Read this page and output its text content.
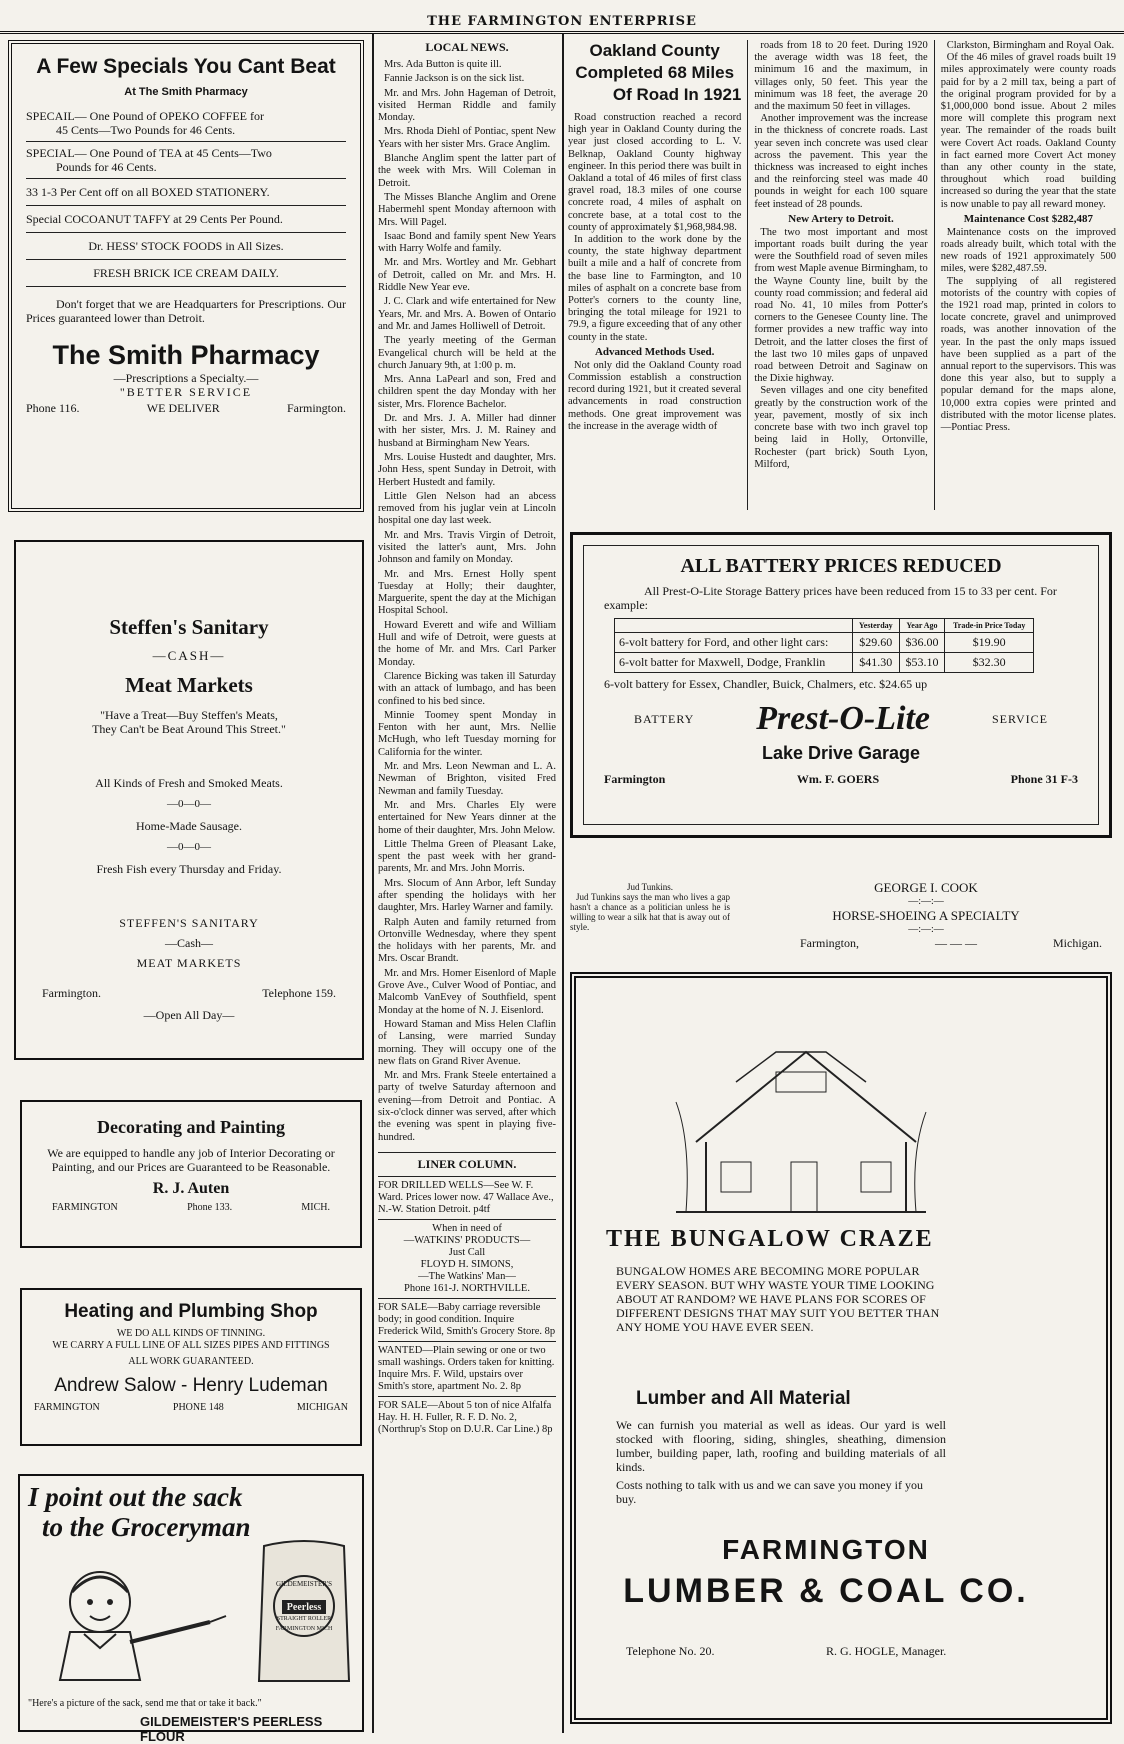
THE FARMINGTON ENTERPRISE
A Few Specials You Cant Beat
At The Smith Pharmacy
SPECAIL— One Pound of OPEKO COFFEE for
45 Cents—Two Pounds for 46 Cents.
SPECIAL— One Pound of TEA at 45 Cents—Two
Pounds for 46 Cents.
33 1-3 Per Cent off on all BOXED STATIONERY.
Special COCOANUT TAFFY at 29 Cents Per Pound.
Dr. HESS' STOCK FOODS in All Sizes.
FRESH BRICK ICE CREAM DAILY.
Don't forget that we are Headquarters for Prescriptions. Our Prices guaranteed lower than Detroit.
The Smith Pharmacy
—Prescriptions a Specialty.—
"BETTER SERVICE
Phone 116.	WE DELIVER	Farmington.
Steffen's Sanitary
—CASH—
Meat Markets
"Have a Treat—Buy Steffen's Meats,
They Can't be Beat Around This Street."
All Kinds of Fresh and Smoked Meats.
—0—0—
Home-Made Sausage.
—0—0—
Fresh Fish every Thursday and Friday.
STEFFEN'S SANITARY
—Cash—
MEAT MARKETS
Farmington.	Telephone 159.
—Open All Day—
Decorating and Painting
We are equipped to handle any job of Interior Decorating or Painting, and our Prices are Guaranteed to be Reasonable.
R. J. Auten
FARMINGTON	Phone 133.	MICH.
Heating and Plumbing Shop
WE DO ALL KINDS OF TINNING.
WE CARRY A FULL LINE OF ALL SIZES PIPES AND FITTINGS
ALL WORK GUARANTEED.
Andrew Salow - Henry Ludeman
FARMINGTON	PHONE 148	MICHIGAN
I point out the sack
to the Groceryman
GILDEMEISTER'S
Peerless
STRAIGHT ROLLER
FARMINGTON MICH
"Here's a picture of the sack, send me that or take it back."
GILDEMEISTER'S PEERLESS FLOUR
LOCAL NEWS.

Mrs. Ada Button is quite ill.

Fannie Jackson is on the sick list.

Mr. and Mrs. John Hageman of Detroit, visited Herman Riddle and family Monday.

Mrs. Rhoda Diehl of Pontiac, spent New Years with her sister Mrs. Grace Anglim.

Blanche Anglim spent the latter part of the week with Mrs. Will Coleman in Detroit.

The Misses Blanche Anglim and Orene Habermehl spent Monday afternoon with Mrs. Will Pagel.

Isaac Bond and family spent New Years with Harry Wolfe and family.

Mr. and Mrs. Wortley and Mr. Gebhart of Detroit, called on Mr. and Mrs. H. Riddle New Year eve.

J. C. Clark and wife entertained for New Years, Mr. and Mrs. A. Bowen of Ontario and Mr. and James Holliwell of Detroit.

The yearly meeting of the German Evangelical church will be held at the church January 9th, at 1:00 p. m.

Mrs. Anna LaPearl and son, Fred and children spent the day Monday with her sister, Mrs. Florence Bachelor.

Dr. and Mrs. J. A. Miller had dinner with her sister, Mrs. J. M. Rainey and husband at Birmingham New Years.

Mrs. Louise Hustedt and daughter, Mrs. John Hess, spent Sunday in Detroit, with Herbert Hustedt and family.

Little Glen Nelson had an abcess removed from his juglar vein at Lincoln hospital one day last week.

Mr. and Mrs. Travis Virgin of Detroit, visited the latter's aunt, Mrs. John Johnson and family on Monday.

Mr. and Mrs. Ernest Holly spent Tuesday at Holly; their daughter, Marguerite, spent the day at the Michigan Hospital School.

Howard Everett and wife and William Hull and wife of Detroit, were guests at the home of Mr. and Mrs. Carl Parker Monday.

Clarence Bicking was taken ill Saturday with an attack of lumbago, and has been confined to his bed since.

Minnie Toomey spent Monday in Fenton with her aunt, Mrs. Nellie McHugh, who left Tuesday morning for California for the winter.

Mr. and Mrs. Leon Newman and L. A. Newman of Brighton, visited Fred Newman and family Tuesday.

Mr. and Mrs. Charles Ely were entertained for New Years dinner at the home of their daughter, Mrs. John Melow.

Little Thelma Green of Pleasant Lake, spent the past week with her grand-parents, Mr. and Mrs. John Morris.

Mrs. Slocum of Ann Arbor, left Sunday after spending the holidays with her daughter, Mrs. Harley Warner and family.

Ralph Auten and family returned from Ortonville Wednesday, where they spent the holidays with her parents, Mr. and Mrs. Oscar Brandt.

Mr. and Mrs. Homer Eisenlord of Maple Grove Ave., Culver Wood of Pontiac, and Malcomb VanEvey of Southfield, spent Monday at the home of N. J. Eisenlord.

Howard Staman and Miss Helen Claflin of Lansing, were married Sunday morning. They will occupy one of the new flats on Grand River Avenue.

Mr. and Mrs. Frank Steele entertained a party of twelve Saturday afternoon and evening—from Detroit and Pontiac. A six-o'clock dinner was served, after which the evening was spent in playing five-hundred.

LINER COLUMN.
FOR DRILLED WELLS—See W. F. Ward. Prices lower now. 47 Wallace Ave., N.-W. Station Detroit. p4tf
When in need of
—WATKINS' PRODUCTS—
Just Call
FLOYD H. SIMONS,
—The Watkins' Man—
Phone 161-J. NORTHVILLE.
FOR SALE—Baby carriage reversible body; in good condition. Inquire Frederick Wild, Smith's Grocery Store. 8p
WANTED—Plain sewing or one or two small washings. Orders taken for knitting. Inquire Mrs. F. Wild, upstairs over Smith's store, apartment No. 2. 8p
FOR SALE—About 5 ton of nice Alfalfa Hay. H. H. Fuller, R. F. D. No. 2, (Northrup's Stop on D.U.R. Car Line.) 8p
Oakland County
Completed 68 Miles
Of Road In 1921

Road construction reached a record high year in Oakland County during the year just closed according to L. V. Belknap, Oakland County highway engineer. In this period there was built in Oakland a total of 46 miles of first class gravel road, 18.3 miles of one course concrete road, 4 miles of asphalt on concrete base, at a total cost to the county of approximately $1,968,984.98.

In addition to the work done by the county, the state highway department built a mile and a half of concrete from the base line to Farmington, and 10 miles of asphalt on a concrete base from Potter's corners to the county line, bringing the total mileage for 1921 to 79.9, a figure exceeding that of any other county in the state.

Advanced Methods Used.

Not only did the Oakland County road Commission establish a construction record during 1921, but it created several advancements in road construction methods. One great improvement was the increase in the average width of

roads from 18 to 20 feet. During 1920 the average width was 18 feet, the minimum 16 and the maximum, in villages only, 50 feet. This year the minimum was 18 feet, the average 20 and the maximum 50 feet in villages.

Another improvement was the increase in the thickness of concrete roads. Last year seven inch concrete was used clear across the pavement. This year the thickness was increased to eight inches and the reinforcing steel was made 40 pounds in weight for each 100 square feet instead of 28 pounds.

New Artery to Detroit.

The two most important and most important roads built during the year were the Southfield road of seven miles from west Maple avenue Birmingham, to the Wayne County line, built by the county road commission; and federal aid road No. 41, 10 miles from Potter's corners to the Genesee County line. The former provides a new traffic way into Detroit, and the latter closes the first of the last two 10 miles gaps of unpaved road between Detroit and Saginaw on the Dixie highway.

Seven villages and one city benefited greatly by the construction work of the year, pavement, mostly of six inch concrete base with two inch gravel top being laid in Holly, Ortonville, Rochester (part brick) South Lyon, Milford,

Clarkston, Birmingham and Royal Oak.

Of the 46 miles of gravel roads built 19 miles approximately were county roads paid for by a 2 mill tax, being a part of the original program provided for by a $1,000,000 bond issue. About 2 miles more will complete this program next year. The remainder of the roads built were Covert Act roads. Oakland County in fact earned more Covert Act money than any other county in the state, throughout which road building increased so during the year that the state is now unable to pay all reward money.

Maintenance Cost $282,487

Maintenance costs on the improved roads already built, which total with the new roads of 1921 approximately 500 miles, were $282,487.59.

The supplying of all registered motorists of the country with copies of the 1921 road map, printed in colors to locate concrete, gravel and unimproved roads, was another innovation of the year. In the past the only maps issued have been supplied as a part of the annual report to the supervisors. This was done this year also, but to supply a popular demand for the maps alone, 10,000 extra copies were printed and distributed with the motor license plates.—Pontiac Press.

ALL BATTERY PRICES REDUCED
All Prest-O-Lite Storage Battery prices have been reduced from 15 to 33 per cent. For example:
	Yesterday	Year Ago	Trade-in Price Today
6-volt battery for Ford, and other light cars:	$29.60	$36.00	$19.90
6-volt batter for Maxwell, Dodge, Franklin	$41.30	$53.10	$32.30
6-volt battery for Essex, Chandler, Buick, Chalmers, etc. $24.65 up
BATTERY Prest-O-Lite	SERVICE
Lake Drive Garage
Farmington	Wm. F. GOERS	Phone 31 F-3
Jud Tunkins.
Jud Tunkins says the man who lives a gap hasn't a chance as a politician unless he is willing to wear a silk hat that is away out of style.
GEORGE I. COOK
—:—:—
HORSE-SHOEING A SPECIALTY
—:—:—
Farmington,	— — —	Michigan.
THE BUNGALOW CRAZE
BUNGALOW HOMES ARE BECOMING MORE POPULAR EVERY SEASON. BUT WHY WASTE YOUR TIME LOOKING ABOUT AT RANDOM? WE HAVE PLANS FOR SCORES OF DIFFERENT DESIGNS THAT MAY SUIT YOU BETTER THAN ANY HOME YOU HAVE EVER SEEN.
Lumber and All Material
We can furnish you material as well as ideas. Our yard is well stocked with flooring, siding, shingles, sheathing, dimension lumber, building paper, lath, roofing and building materials of all kinds.
Costs nothing to talk with us and we can save you money if you buy.
FARMINGTON
LUMBER & COAL CO.
Telephone No. 20.	R. G. HOGLE, Manager.
